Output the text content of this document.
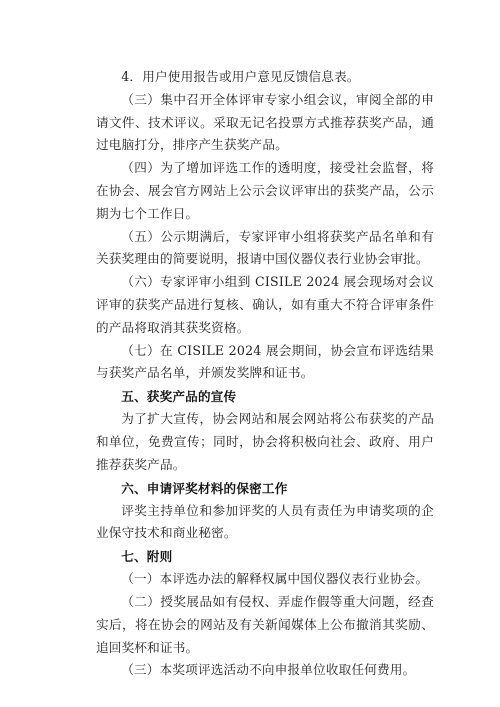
4．用户使用报告或用户意见反馈信息表。

（三）集中召开全体评审专家小组会议，审阅全部的申请文件、技术评议。采取无记名投票方式推荐获奖产品，通过电脑打分，排序产生获奖产品。

（四）为了增加评选工作的透明度，接受社会监督，将在协会、展会官方网站上公示会议评审出的获奖产品，公示期为七个工作日。

（五）公示期满后，专家评审小组将获奖产品名单和有关获奖理由的简要说明，报请中国仪器仪表行业协会审批。

（六）专家评审小组到 CISILE 2024 展会现场对会议评审的获奖产品进行复核、确认，如有重大不符合评审条件的产品将取消其获奖资格。

（七）在 CISILE 2024 展会期间，协会宣布评选结果与获奖产品名单，并颁发奖牌和证书。

五、获奖产品的宣传

为了扩大宣传，协会网站和展会网站将公布获奖的产品和单位，免费宣传；同时，协会将积极向社会、政府、用户推荐获奖产品。

六、申请评奖材料的保密工作

评奖主持单位和参加评奖的人员有责任为申请奖项的企业保守技术和商业秘密。

七、附则

（一）本评选办法的解释权属中国仪器仪表行业协会。

（二）授奖展品如有侵权、弄虚作假等重大问题，经查实后，将在协会的网站及有关新闻媒体上公布撤消其奖励、追回奖杯和证书。

（三）本奖项评选活动不向申报单位收取任何费用。
